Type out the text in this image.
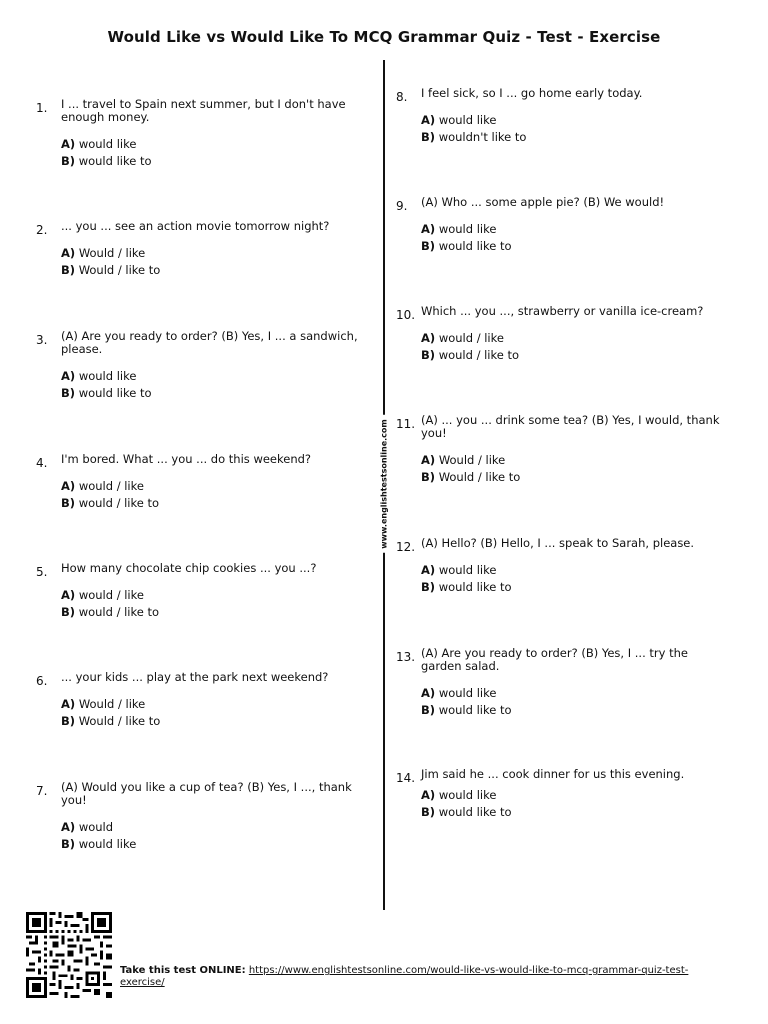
Would Like vs Would Like To MCQ Grammar Quiz - Test - Exercise
www.englishtestsonline.com
1. I ... travel to Spain next summer, but I don't have enough money.
A) would like
B) would like to
2. ... you ... see an action movie tomorrow night?
A) Would / like
B) Would / like to
3. (A) Are you ready to order? (B) Yes, I ... a sandwich, please.
A) would like
B) would like to
4. I'm bored. What ... you ... do this weekend?
A) would / like
B) would / like to
5. How many chocolate chip cookies ... you ...?
A) would / like
B) would / like to
6. ... your kids ... play at the park next weekend?
A) Would / like
B) Would / like to
7. (A) Would you like a cup of tea? (B) Yes, I ..., thank you!
A) would
B) would like
8. I feel sick, so I ... go home early today.
A) would like
B) wouldn't like to
9. (A) Who ... some apple pie? (B) We would!
A) would like
B) would like to
10. Which ... you ..., strawberry or vanilla ice-cream?
A) would / like
B) would / like to
11. (A) ... you ... drink some tea? (B) Yes, I would, thank you!
A) Would / like
B) Would / like to
12. (A) Hello? (B) Hello, I ... speak to Sarah, please.
A) would like
B) would like to
13. (A) Are you ready to order? (B) Yes, I ... try the garden salad.
A) would like
B) would like to
14. Jim said he ... cook dinner for us this evening.
A) would like
B) would like to
Take this test ONLINE: https://www.englishtestsonline.com/would-like-vs-would-like-to-mcq-grammar-quiz-test-exercise/
